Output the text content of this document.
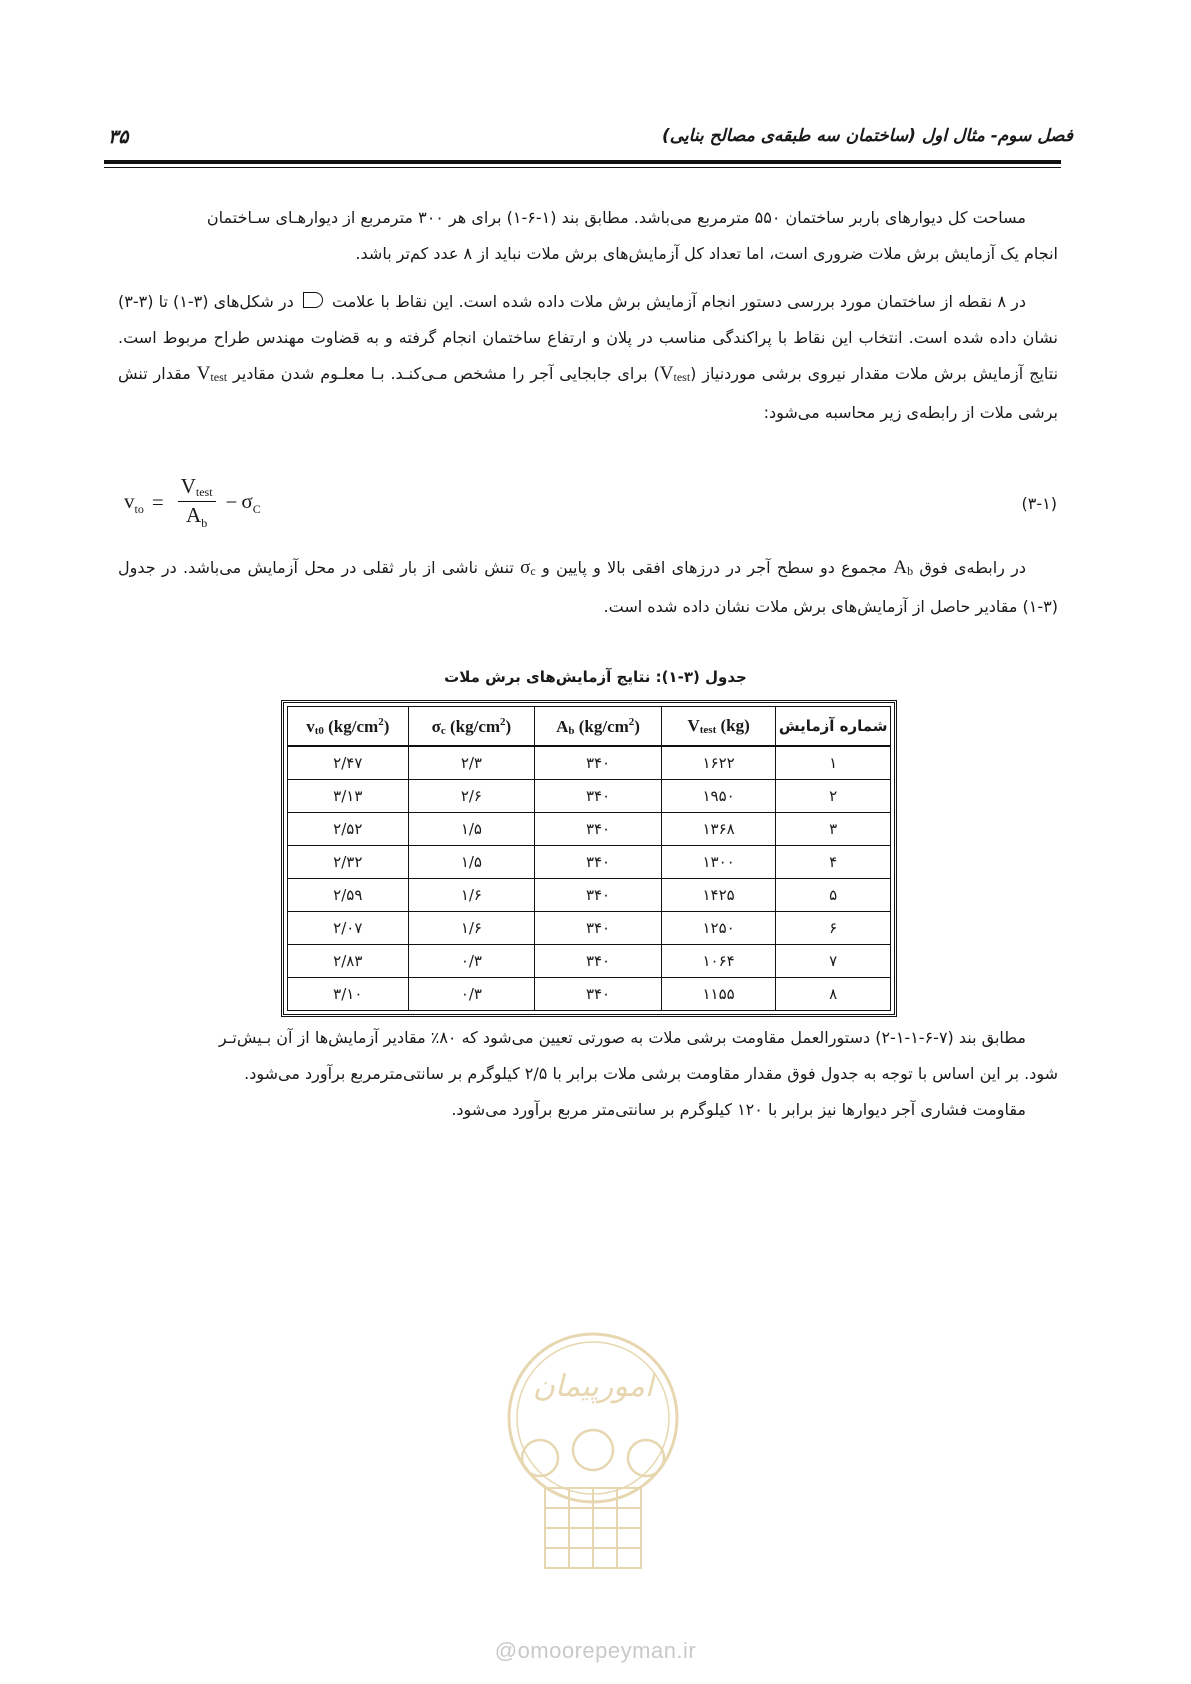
فصل سوم- مثال اول (ساختمان سه طبقه‌ی مصالح بنایی)
۳۵

مساحت کل دیوارهای باربر ساختمان ۵۵۰ مترمربع می‌باشد. مطابق بند (۱-۶-۱) برای هر ۳۰۰ مترمربع از دیوارهـای سـاختمان

انجام یک آزمایش برش ملات ضروری است، اما تعداد کل آزمایش‌های برش ملات نباید از ۸ عدد کم‌تر باشد.

در ۸ نقطه از ساختمان مورد بررسی دستور انجام آزمایش برش ملات داده شده است. این نقاط با علامت  در شکل‌های (۳-۱) تا (۳-۳) نشان داده شده است. انتخاب این نقاط با پراکندگی مناسب در پلان و ارتفاع ساختمان انجام گرفته و به قضاوت مهندس طراح مربوط است. نتایج آزمایش برش ملات مقدار نیروی برشی موردنیاز (Vtest) برای جابجایی آجر را مشخص مـی‌کنـد. بـا معلـوم شدن مقادیر Vtest مقدار تنش برشی ملات از رابطه‌ی زیر محاسبه می‌شود:

$v_{to} = \frac{\text{Vtest}}{A_b} - \sigma_C$	(۳-۱)

در رابطه‌ی فوق Ab مجموع دو سطح آجر در درزهای افقی بالا و پایین و σc تنش ناشی از بار ثقلی در محل آزمایش می‌باشد. در جدول (۳-۱) مقادیر حاصل از آزمایش‌های برش ملات نشان داده شده است.

جدول (۳-۱): نتایج آزمایش‌های برش ملات
vt0 $(kg/cm^2)$	σc $(kg/cm^2)$	Ab $(kg/cm^2)$	Vtest (kg)	شماره آزمایش
۲/۴۷	۲/۳	۳۴۰	۱۶۲۲	۱
۳/۱۳	۲/۶	۳۴۰	۱۹۵۰	۲
۲/۵۲	۱/۵	۳۴۰	۱۳۶۸	۳
۲/۳۲	۱/۵	۳۴۰	۱۳۰۰	۴
۲/۵۹	۱/۶	۳۴۰	۱۴۲۵	۵
۲/۰۷	۱/۶	۳۴۰	۱۲۵۰	۶
۲/۸۳	۰/۳	۳۴۰	۱۰۶۴	۷
۳/۱۰	۰/۳	۳۴۰	۱۱۵۵	۸

مطابق بند (۷-۶-۱-۱-۲) دستورالعمل مقاومت برشی ملات به صورتی تعیین می‌شود که ۸۰٪ مقادیر آزمایش‌ها از آن بـیش‌تـر

شود. بر این اساس با توجه به جدول فوق مقدار مقاومت برشی ملات برابر با ۲/۵ کیلوگرم بر سانتی‌مترمربع برآورد می‌شود.

مقاومت فشاری آجر دیوارها نیز برابر با ۱۲۰ کیلوگرم بر سانتی‌متر مربع برآورد می‌شود.

امورپیمان
@omoorepeyman.ir
